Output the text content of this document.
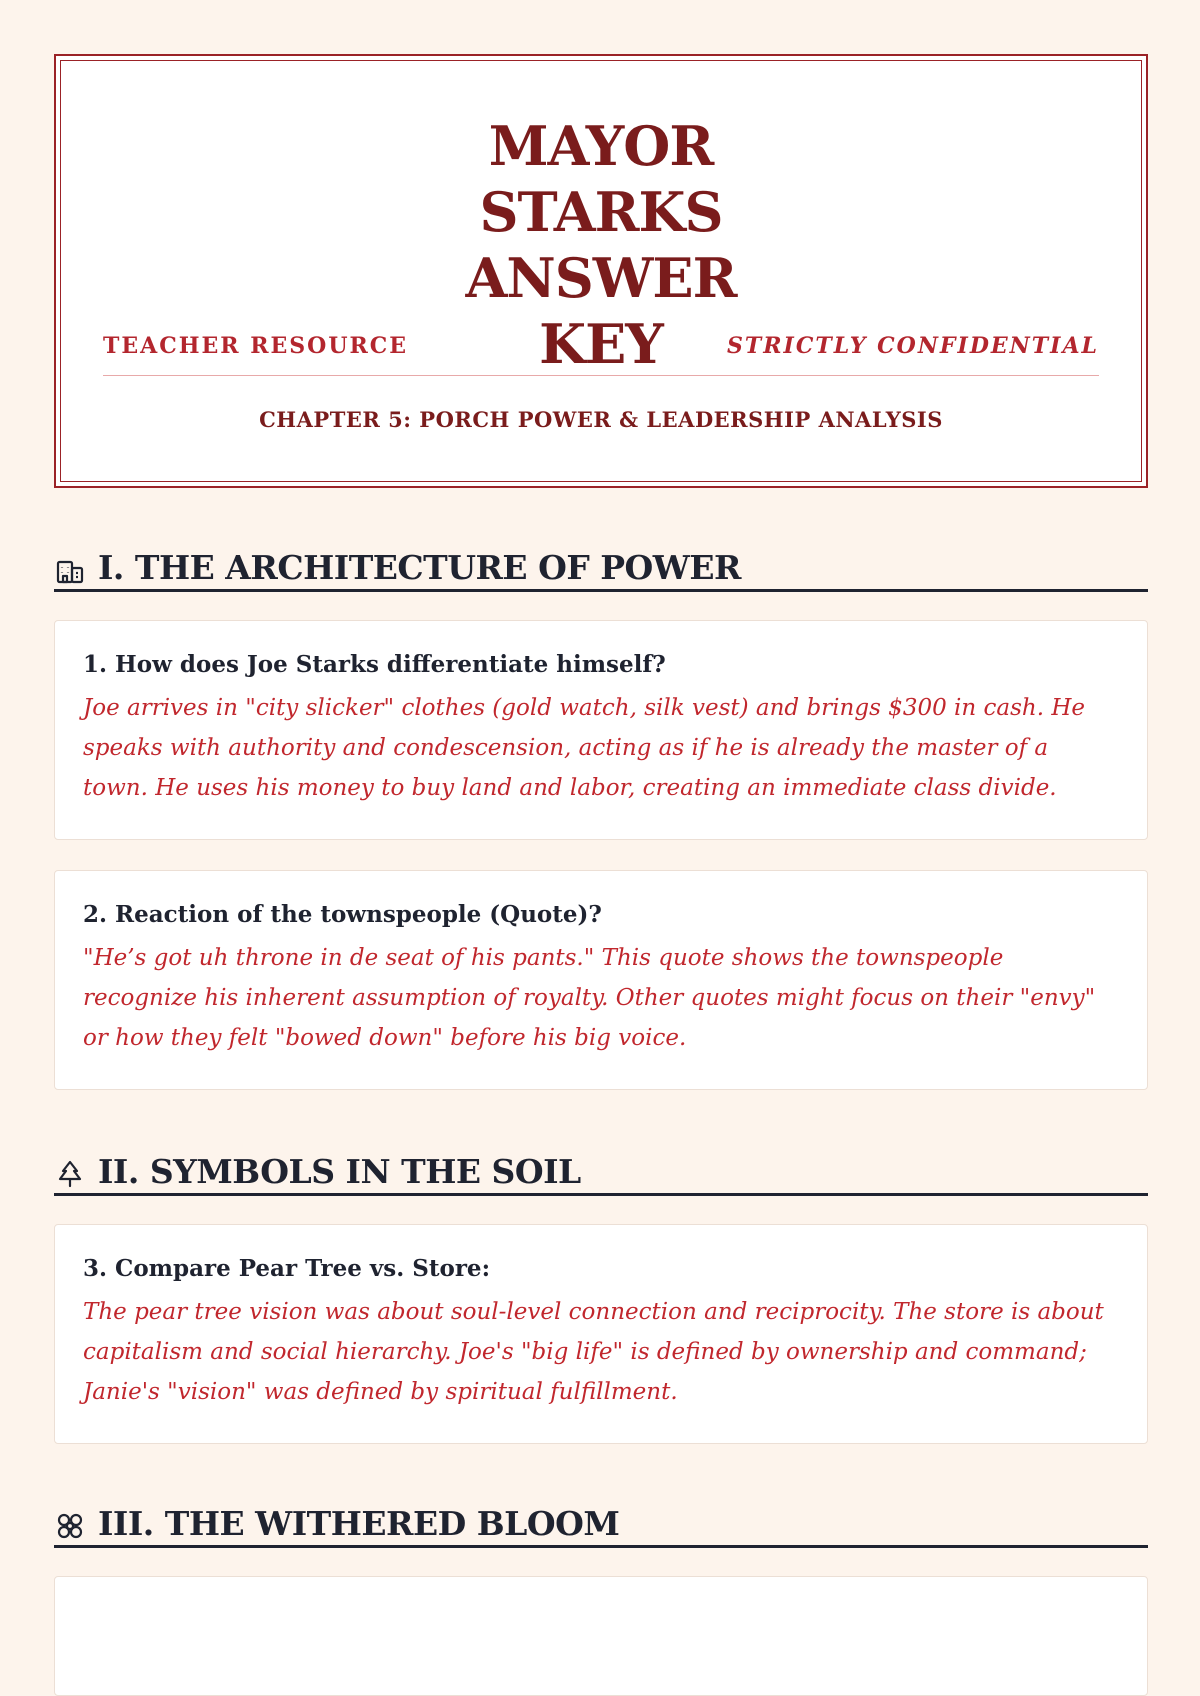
MAYOR
STARKS
ANSWER
KEY
TEACHER RESOURCE	STRICTLY CONFIDENTIAL
CHAPTER 5: PORCH POWER & LEADERSHIP ANALYSIS
I. THE ARCHITECTURE OF POWER

1. How does Joe Starks differentiate himself?

Joe arrives in "city slicker" clothes (gold watch, silk vest) and brings $300 in cash. He speaks with authority and condescension, acting as if he is already the master of a town. He uses his money to buy land and labor, creating an immediate class divide.

2. Reaction of the townspeople (Quote)?

"He’s got uh throne in de seat of his pants." This quote shows the townspeople recognize his inherent assumption of royalty. Other quotes might focus on their "envy" or how they felt "bowed down" before his big voice.

II. SYMBOLS IN THE SOIL

3. Compare Pear Tree vs. Store:

The pear tree vision was about soul-level connection and reciprocity. The store is about capitalism and social hierarchy. Joe's "big life" is defined by ownership and command; Janie's "vision" was defined by spiritual fulfillment.

III. THE WITHERED BLOOM
